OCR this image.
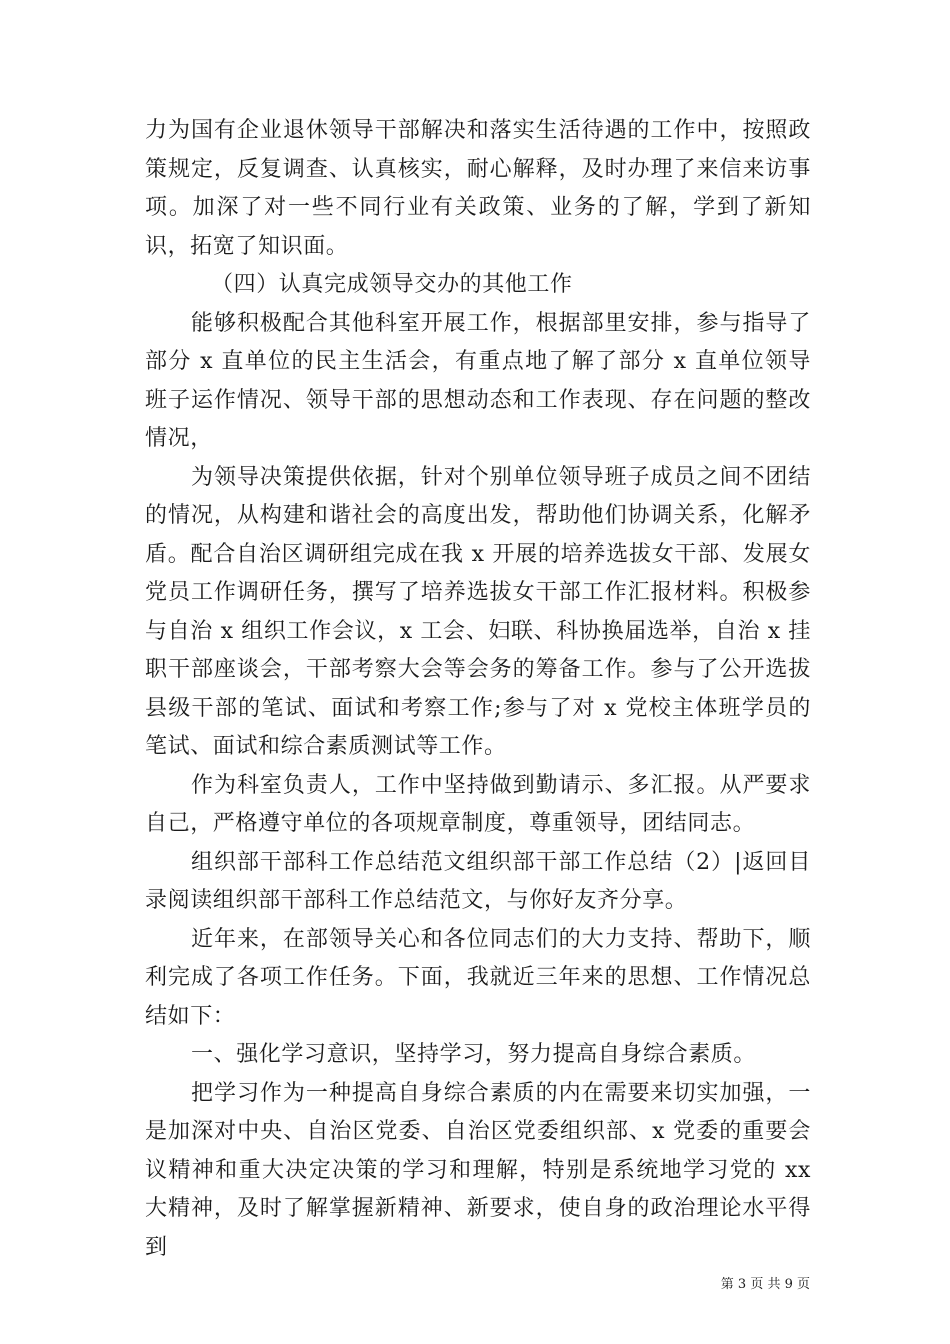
力为国有企业退休领导干部解决和落实生活待遇的工作中，按照政策规定，反复调查、认真核实，耐心解释，及时办理了来信来访事项。加深了对一些不同行业有关政策、业务的了解，学到了新知识，拓宽了知识面。

（四）认真完成领导交办的其他工作

能够积极配合其他科室开展工作，根据部里安排，参与指导了部分 x 直单位的民主生活会，有重点地了解了部分 x 直单位领导班子运作情况、领导干部的思想动态和工作表现、存在问题的整改情况，

为领导决策提供依据，针对个别单位领导班子成员之间不团结的情况，从构建和谐社会的高度出发，帮助他们协调关系，化解矛盾。配合自治区调研组完成在我 x 开展的培养选拔女干部、发展女党员工作调研任务，撰写了培养选拔女干部工作汇报材料。积极参与自治 x 组织工作会议，x 工会、妇联、科协换届选举，自治 x 挂职干部座谈会，干部考察大会等会务的筹备工作。参与了公开选拔县级干部的笔试、面试和考察工作;参与了对 x 党校主体班学员的笔试、面试和综合素质测试等工作。

作为科室负责人，工作中坚持做到勤请示、多汇报。从严要求自己，严格遵守单位的各项规章制度，尊重领导，团结同志。

组织部干部科工作总结范文组织部干部工作总结（2）|返回目录阅读组织部干部科工作总结范文，与你好友齐分享。

近年来，在部领导关心和各位同志们的大力支持、帮助下，顺利完成了各项工作任务。下面，我就近三年来的思想、工作情况总结如下：

一、强化学习意识，坚持学习，努力提高自身综合素质。

把学习作为一种提高自身综合素质的内在需要来切实加强，一是加深对中央、自治区党委、自治区党委组织部、x 党委的重要会议精神和重大决定决策的学习和理解，特别是系统地学习党的 xx 大精神，及时了解掌握新精神、新要求，使自身的政治理论水平得到

第 3 页 共 9 页
